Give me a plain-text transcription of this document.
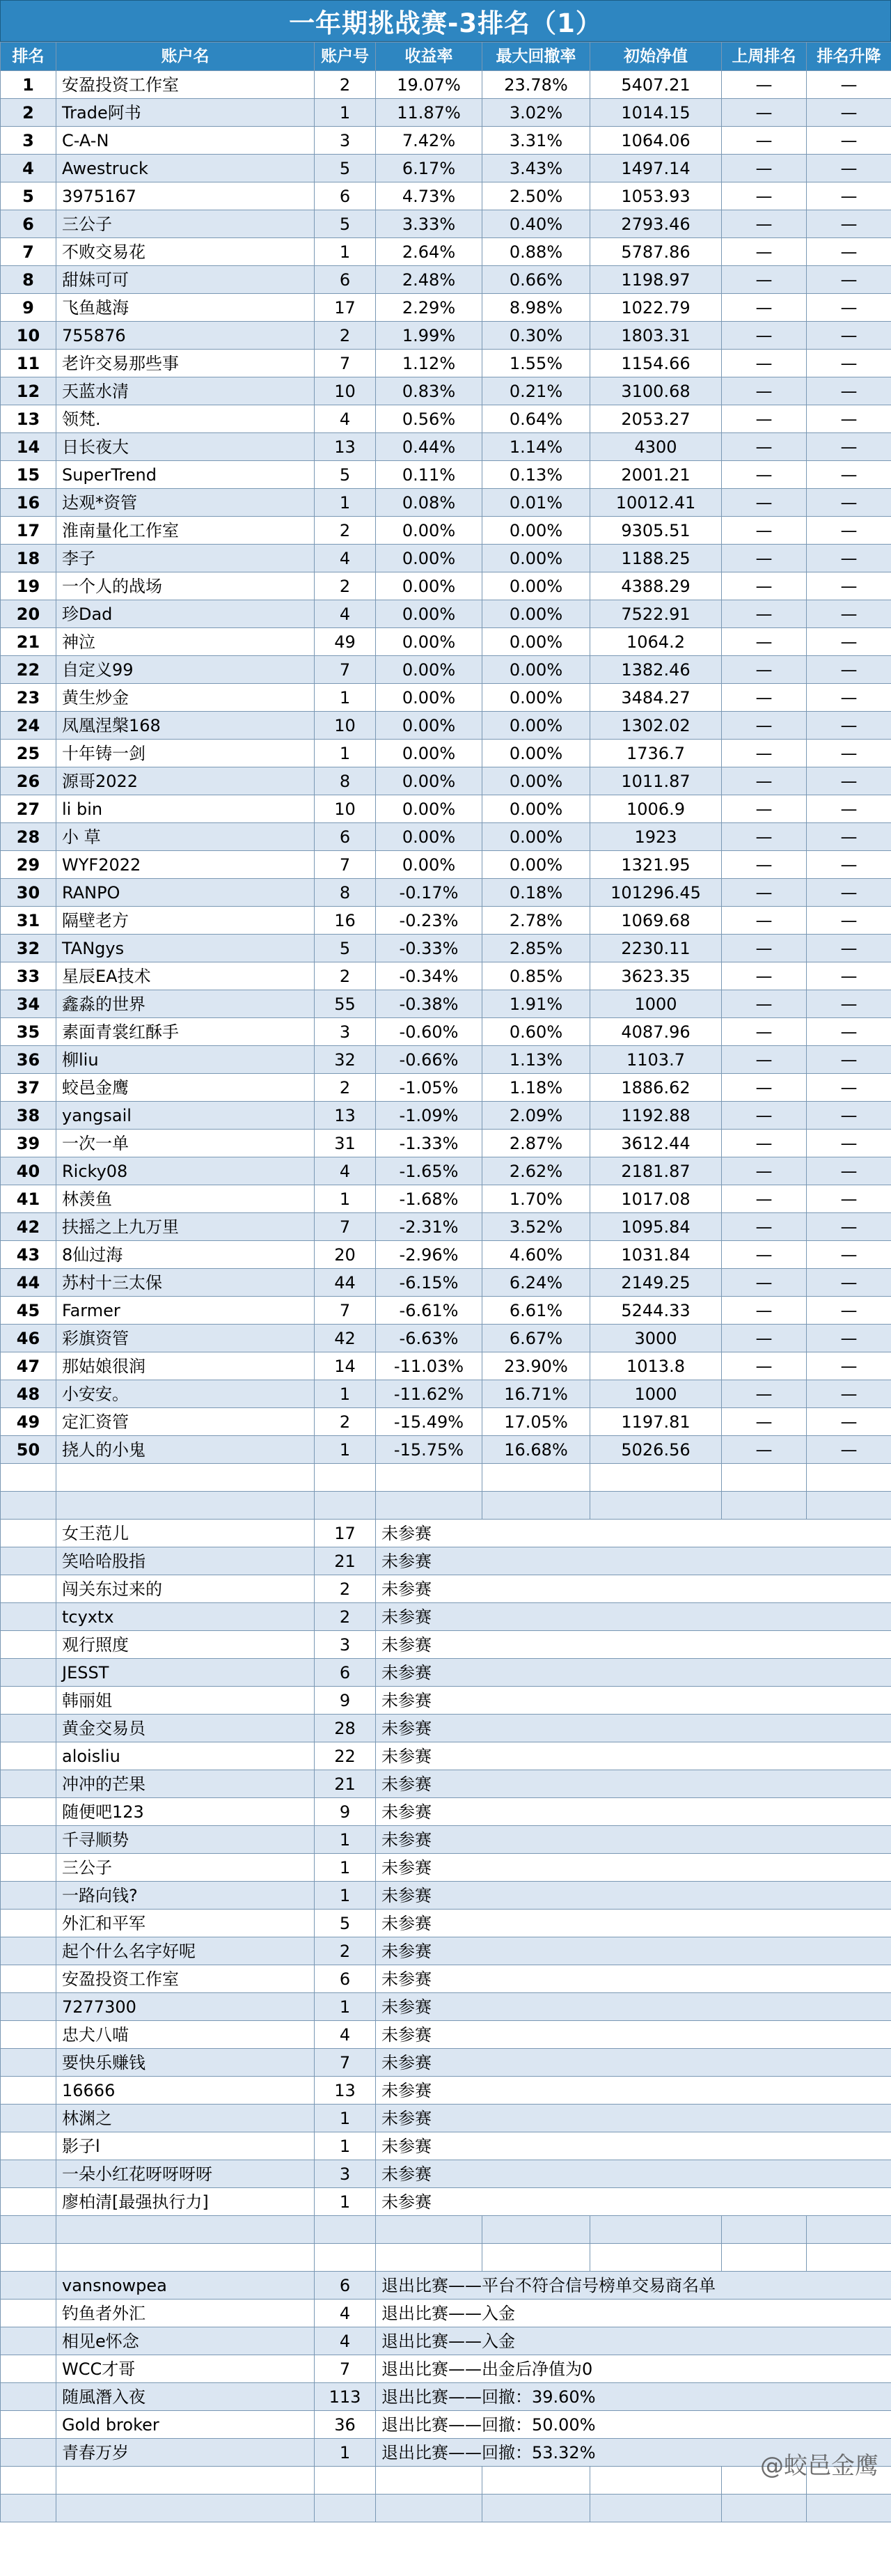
一年期挑战赛-3排名（1）
排名	账户名	账户号	收益率	最大回撤率	初始净值	上周排名	排名升降
1	安盈投资工作室	2	19.07%	23.78%	5407.21	—	—
2	Trade阿书	1	11.87%	3.02%	1014.15	—	—
3	C-A-N	3	7.42%	3.31%	1064.06	—	—
4	Awestruck	5	6.17%	3.43%	1497.14	—	—
5	3975167	6	4.73%	2.50%	1053.93	—	—
6	三公子	5	3.33%	0.40%	2793.46	—	—
7	不败交易花	1	2.64%	0.88%	5787.86	—	—
8	甜妹可可	6	2.48%	0.66%	1198.97	—	—
9	飞鱼越海	17	2.29%	8.98%	1022.79	—	—
10	755876	2	1.99%	0.30%	1803.31	—	—
11	老许交易那些事	7	1.12%	1.55%	1154.66	—	—
12	天蓝水清	10	0.83%	0.21%	3100.68	—	—
13	领梵.	4	0.56%	0.64%	2053.27	—	—
14	日长夜大	13	0.44%	1.14%	4300	—	—
15	SuperTrend	5	0.11%	0.13%	2001.21	—	—
16	达观*资管	1	0.08%	0.01%	10012.41	—	—
17	淮南量化工作室	2	0.00%	0.00%	9305.51	—	—
18	李子	4	0.00%	0.00%	1188.25	—	—
19	一个人的战场	2	0.00%	0.00%	4388.29	—	—
20	珍Dad	4	0.00%	0.00%	7522.91	—	—
21	神泣	49	0.00%	0.00%	1064.2	—	—
22	自定义99	7	0.00%	0.00%	1382.46	—	—
23	黄生炒金	1	0.00%	0.00%	3484.27	—	—
24	凤凰涅槃168	10	0.00%	0.00%	1302.02	—	—
25	十年铸一剑	1	0.00%	0.00%	1736.7	—	—
26	源哥2022	8	0.00%	0.00%	1011.87	—	—
27	li bin	10	0.00%	0.00%	1006.9	—	—
28	小 草	6	0.00%	0.00%	1923	—	—
29	WYF2022	7	0.00%	0.00%	1321.95	—	—
30	RANPO	8	-0.17%	0.18%	101296.45	—	—
31	隔壁老方	16	-0.23%	2.78%	1069.68	—	—
32	TANgys	5	-0.33%	2.85%	2230.11	—	—
33	星辰EA技术	2	-0.34%	0.85%	3623.35	—	—
34	鑫淼的世界	55	-0.38%	1.91%	1000	—	—
35	素面青裳红酥手	3	-0.60%	0.60%	4087.96	—	—
36	柳liu	32	-0.66%	1.13%	1103.7	—	—
37	蛟邑金鹰	2	-1.05%	1.18%	1886.62	—	—
38	yangsail	13	-1.09%	2.09%	1192.88	—	—
39	一次一单	31	-1.33%	2.87%	3612.44	—	—
40	Ricky08	4	-1.65%	2.62%	2181.87	—	—
41	林羡鱼	1	-1.68%	1.70%	1017.08	—	—
42	扶摇之上九万里	7	-2.31%	3.52%	1095.84	—	—
43	8仙过海	20	-2.96%	4.60%	1031.84	—	—
44	苏村十三太保	44	-6.15%	6.24%	2149.25	—	—
45	Farmer	7	-6.61%	6.61%	5244.33	—	—
46	彩旗资管	42	-6.63%	6.67%	3000	—	—
47	那姑娘很润	14	-11.03%	23.90%	1013.8	—	—
48	小安安。	1	-11.62%	16.71%	1000	—	—
49	定汇资管	2	-15.49%	17.05%	1197.81	—	—
50	挠人的小鬼	1	-15.75%	16.68%	5026.56	—	—

	女王范儿	17	未参赛				
	笑哈哈股指	21	未参赛				
	闯关东过来的	2	未参赛				
	tcyxtx	2	未参赛				
	观行照度	3	未参赛				
	JESST	6	未参赛				
	韩丽姐	9	未参赛				
	黄金交易员	28	未参赛				
	aloisliu	22	未参赛				
	冲冲的芒果	21	未参赛				
	随便吧123	9	未参赛				
	千寻顺势	1	未参赛				
	三公子	1	未参赛				
	一路向钱?	1	未参赛				
	外汇和平军	5	未参赛				
	起个什么名字好呢	2	未参赛				
	安盈投资工作室	6	未参赛				
	7277300	1	未参赛				
	忠犬八喵	4	未参赛				
	要快乐赚钱	7	未参赛				
	16666	13	未参赛				
	林渊之	1	未参赛				
	影子l	1	未参赛				
	一朵小红花呀呀呀呀	3	未参赛				
	廖柏清[最强执行力]	1	未参赛				

	vansnowpea	6	退出比赛——平台不符合信号榜单交易商名单				
	钓鱼者外汇	4	退出比赛——入金				
	相见e怀念	4	退出比赛——入金				
	WCC才哥	7	退出比赛——出金后净值为0				
	随風潛入夜	113	退出比赛——回撤：39.60%				
	Gold broker	36	退出比赛——回撤：50.00%				
	青春万岁	1	退出比赛——回撤：53.32%				

								@蛟邑金鹰
